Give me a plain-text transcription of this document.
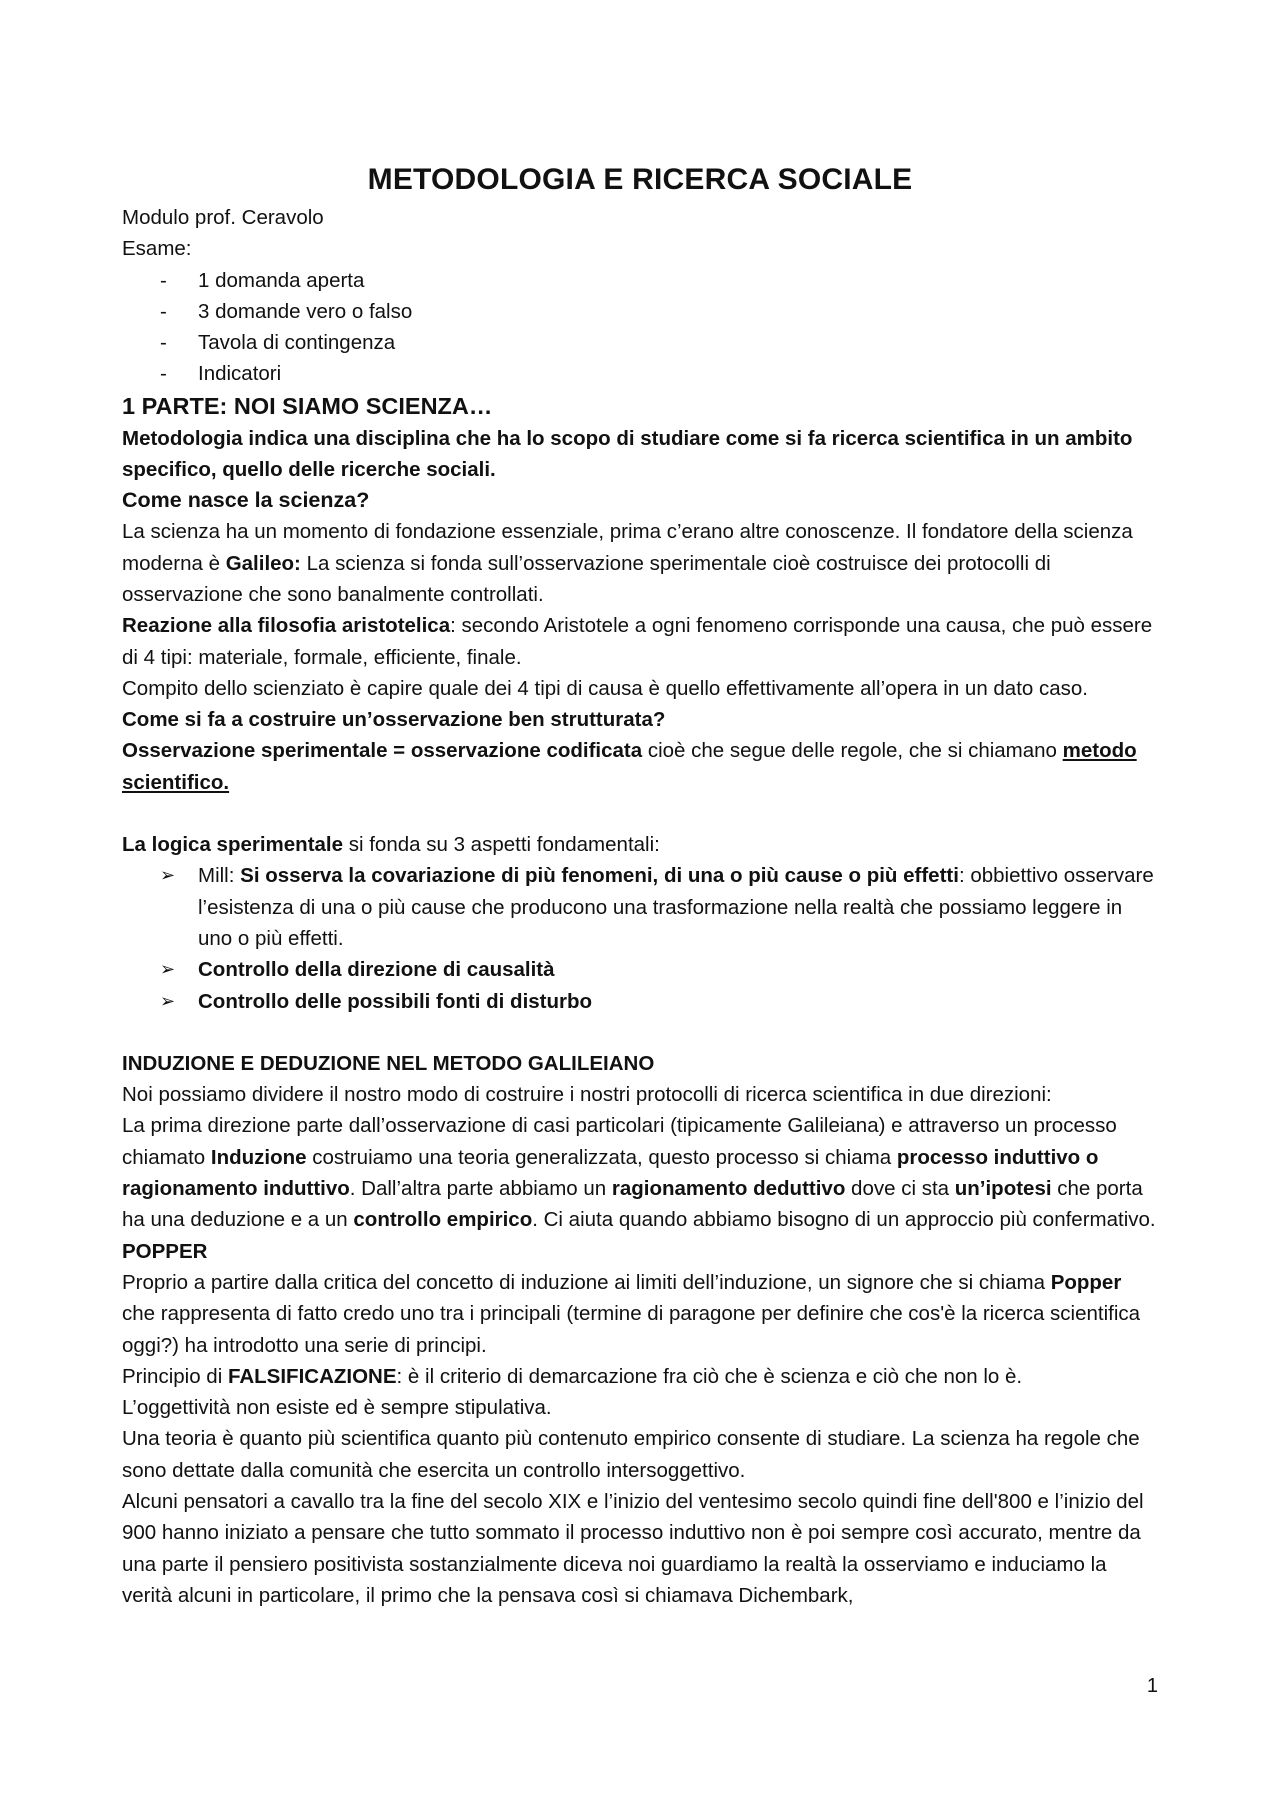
METODOLOGIA E RICERCA SOCIALE

Modulo prof. Ceravolo

Esame:

- 1 domanda aperta
- 3 domande vero o falso
- Tavola di contingenza
- Indicatori
1 PARTE: NOI SIAMO SCIENZA…

Metodologia indica una disciplina che ha lo scopo di studiare come si fa ricerca scientifica in un ambito specifico, quello delle ricerche sociali.

Come nasce la scienza?

La scienza ha un momento di fondazione essenziale, prima c’erano altre conoscenze. Il fondatore della scienza moderna è Galileo: La scienza si fonda sull’osservazione sperimentale cioè costruisce dei protocolli di osservazione che sono banalmente controllati.

Reazione alla filosofia aristotelica: secondo Aristotele a ogni fenomeno corrisponde una causa, che può essere di 4 tipi: materiale, formale, efficiente, finale.

Compito dello scienziato è capire quale dei 4 tipi di causa è quello effettivamente all’opera in un dato caso.

Come si fa a costruire un’osservazione ben strutturata?

Osservazione sperimentale = osservazione codificata cioè che segue delle regole, che si chiamano metodo scientifico.

La logica sperimentale si fonda su 3 aspetti fondamentali:

➢ Mill: Si osserva la covariazione di più fenomeni, di una o più cause o più effetti: obbiettivo osservare l’esistenza di una o più cause che producono una trasformazione nella realtà che possiamo leggere in uno o più effetti.
➢ Controllo della direzione di causalità
➢ Controllo delle possibili fonti di disturbo
INDUZIONE E DEDUZIONE NEL METODO GALILEIANO

Noi possiamo dividere il nostro modo di costruire i nostri protocolli di ricerca scientifica in due direzioni:

La prima direzione parte dall’osservazione di casi particolari (tipicamente Galileiana) e attraverso un processo chiamato Induzione costruiamo una teoria generalizzata, questo processo si chiama processo induttivo o ragionamento induttivo. Dall’altra parte abbiamo un ragionamento deduttivo dove ci sta un’ipotesi che porta ha una deduzione e a un controllo empirico. Ci aiuta quando abbiamo bisogno di un approccio più confermativo.

POPPER

Proprio a partire dalla critica del concetto di induzione ai limiti dell’induzione, un signore che si chiama Popper che rappresenta di fatto credo uno tra i principali (termine di paragone per definire che cos'è la ricerca scientifica oggi?) ha introdotto una serie di principi.

Principio di FALSIFICAZIONE: è il criterio di demarcazione fra ciò che è scienza e ciò che non lo è.

L’oggettività non esiste ed è sempre stipulativa.

Una teoria è quanto più scientifica quanto più contenuto empirico consente di studiare. La scienza ha regole che sono dettate dalla comunità che esercita un controllo intersoggettivo.

Alcuni pensatori a cavallo tra la fine del secolo XIX e l’inizio del ventesimo secolo quindi fine dell'800 e l’inizio del 900 hanno iniziato a pensare che tutto sommato il processo induttivo non è poi sempre così accurato, mentre da una parte il pensiero positivista sostanzialmente diceva noi guardiamo la realtà la osserviamo e induciamo la verità alcuni in particolare, il primo che la pensava così si chiamava Dichembark,

1
